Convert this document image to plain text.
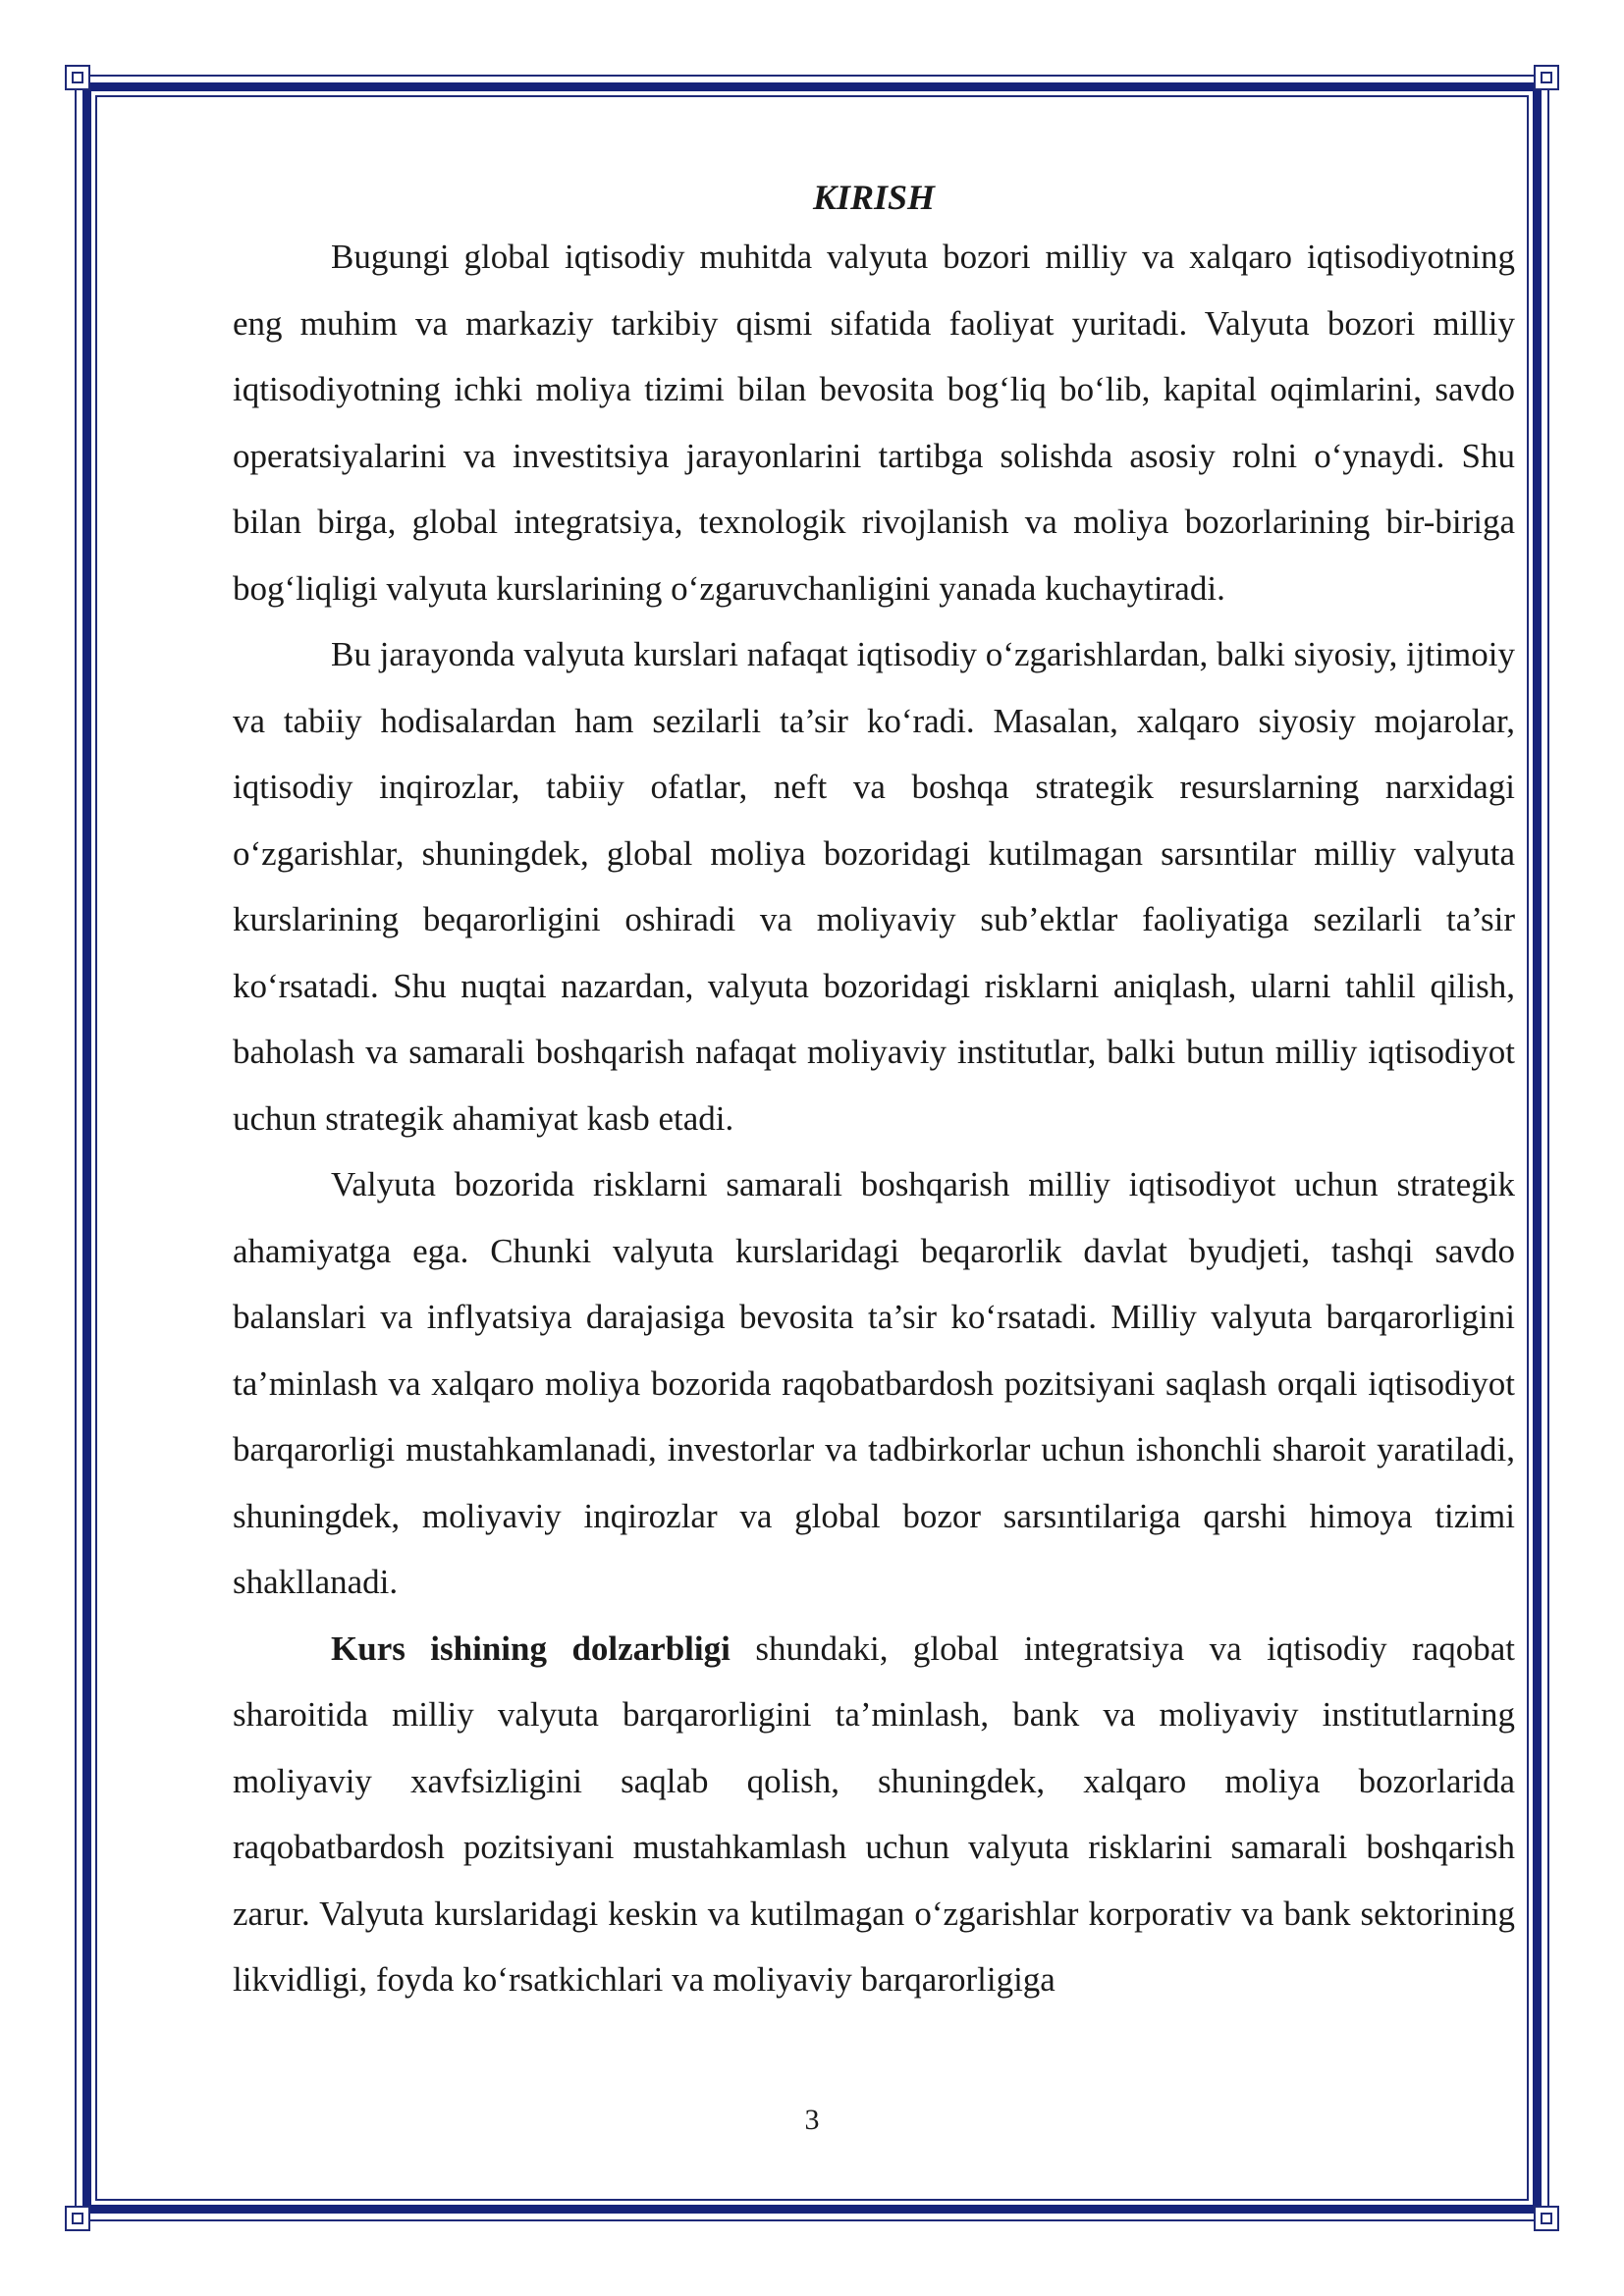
KIRISH

Bugungi global iqtisodiy muhitda valyuta bozori milliy va xalqaro iqtisodiyotning eng muhim va markaziy tarkibiy qismi sifatida faoliyat yuritadi. Valyuta bozori milliy iqtisodiyotning ichki moliya tizimi bilan bevosita bog‘liq bo‘lib, kapital oqimlarini, savdo operatsiyalarini va investitsiya jarayonlarini tartibga solishda asosiy rolni o‘ynaydi. Shu bilan birga, global integratsiya, texnologik rivojlanish va moliya bozorlarining bir-biriga bog‘liqligi valyuta kurslarining o‘zgaruvchanligini yanada kuchaytiradi.

Bu jarayonda valyuta kurslari nafaqat iqtisodiy o‘zgarishlardan, balki siyosiy, ijtimoiy va tabiiy hodisalardan ham sezilarli ta’sir ko‘radi. Masalan, xalqaro siyosiy mojarolar, iqtisodiy inqirozlar, tabiiy ofatlar, neft va boshqa strategik resurslarning narxidagi o‘zgarishlar, shuningdek, global moliya bozoridagi kutilmagan sarsıntilar milliy valyuta kurslarining beqarorligini oshiradi va moliyaviy sub’ektlar faoliyatiga sezilarli ta’sir ko‘rsatadi. Shu nuqtai nazardan, valyuta bozoridagi risklarni aniqlash, ularni tahlil qilish, baholash va samarali boshqarish nafaqat moliyaviy institutlar, balki butun milliy iqtisodiyot uchun strategik ahamiyat kasb etadi.

Valyuta bozorida risklarni samarali boshqarish milliy iqtisodiyot uchun strategik ahamiyatga ega. Chunki valyuta kurslaridagi beqarorlik davlat byudjeti, tashqi savdo balanslari va inflyatsiya darajasiga bevosita ta’sir ko‘rsatadi. Milliy valyuta barqarorligini ta’minlash va xalqaro moliya bozorida raqobatbardosh pozitsiyani saqlash orqali iqtisodiyot barqarorligi mustahkamlanadi, investorlar va tadbirkorlar uchun ishonchli sharoit yaratiladi, shuningdek, moliyaviy inqirozlar va global bozor sarsıntilariga qarshi himoya tizimi shakllanadi.

Kurs ishining dolzarbligi shundaki, global integratsiya va iqtisodiy raqobat sharoitida milliy valyuta barqarorligini ta’minlash, bank va moliyaviy institutlarning moliyaviy xavfsizligini saqlab qolish, shuningdek, xalqaro moliya bozorlarida raqobatbardosh pozitsiyani mustahkamlash uchun valyuta risklarini samarali boshqarish zarur. Valyuta kurslaridagi keskin va kutilmagan o‘zgarishlar korporativ va bank sektorining likvidligi, foyda ko‘rsatkichlari va moliyaviy barqarorligiga

3
